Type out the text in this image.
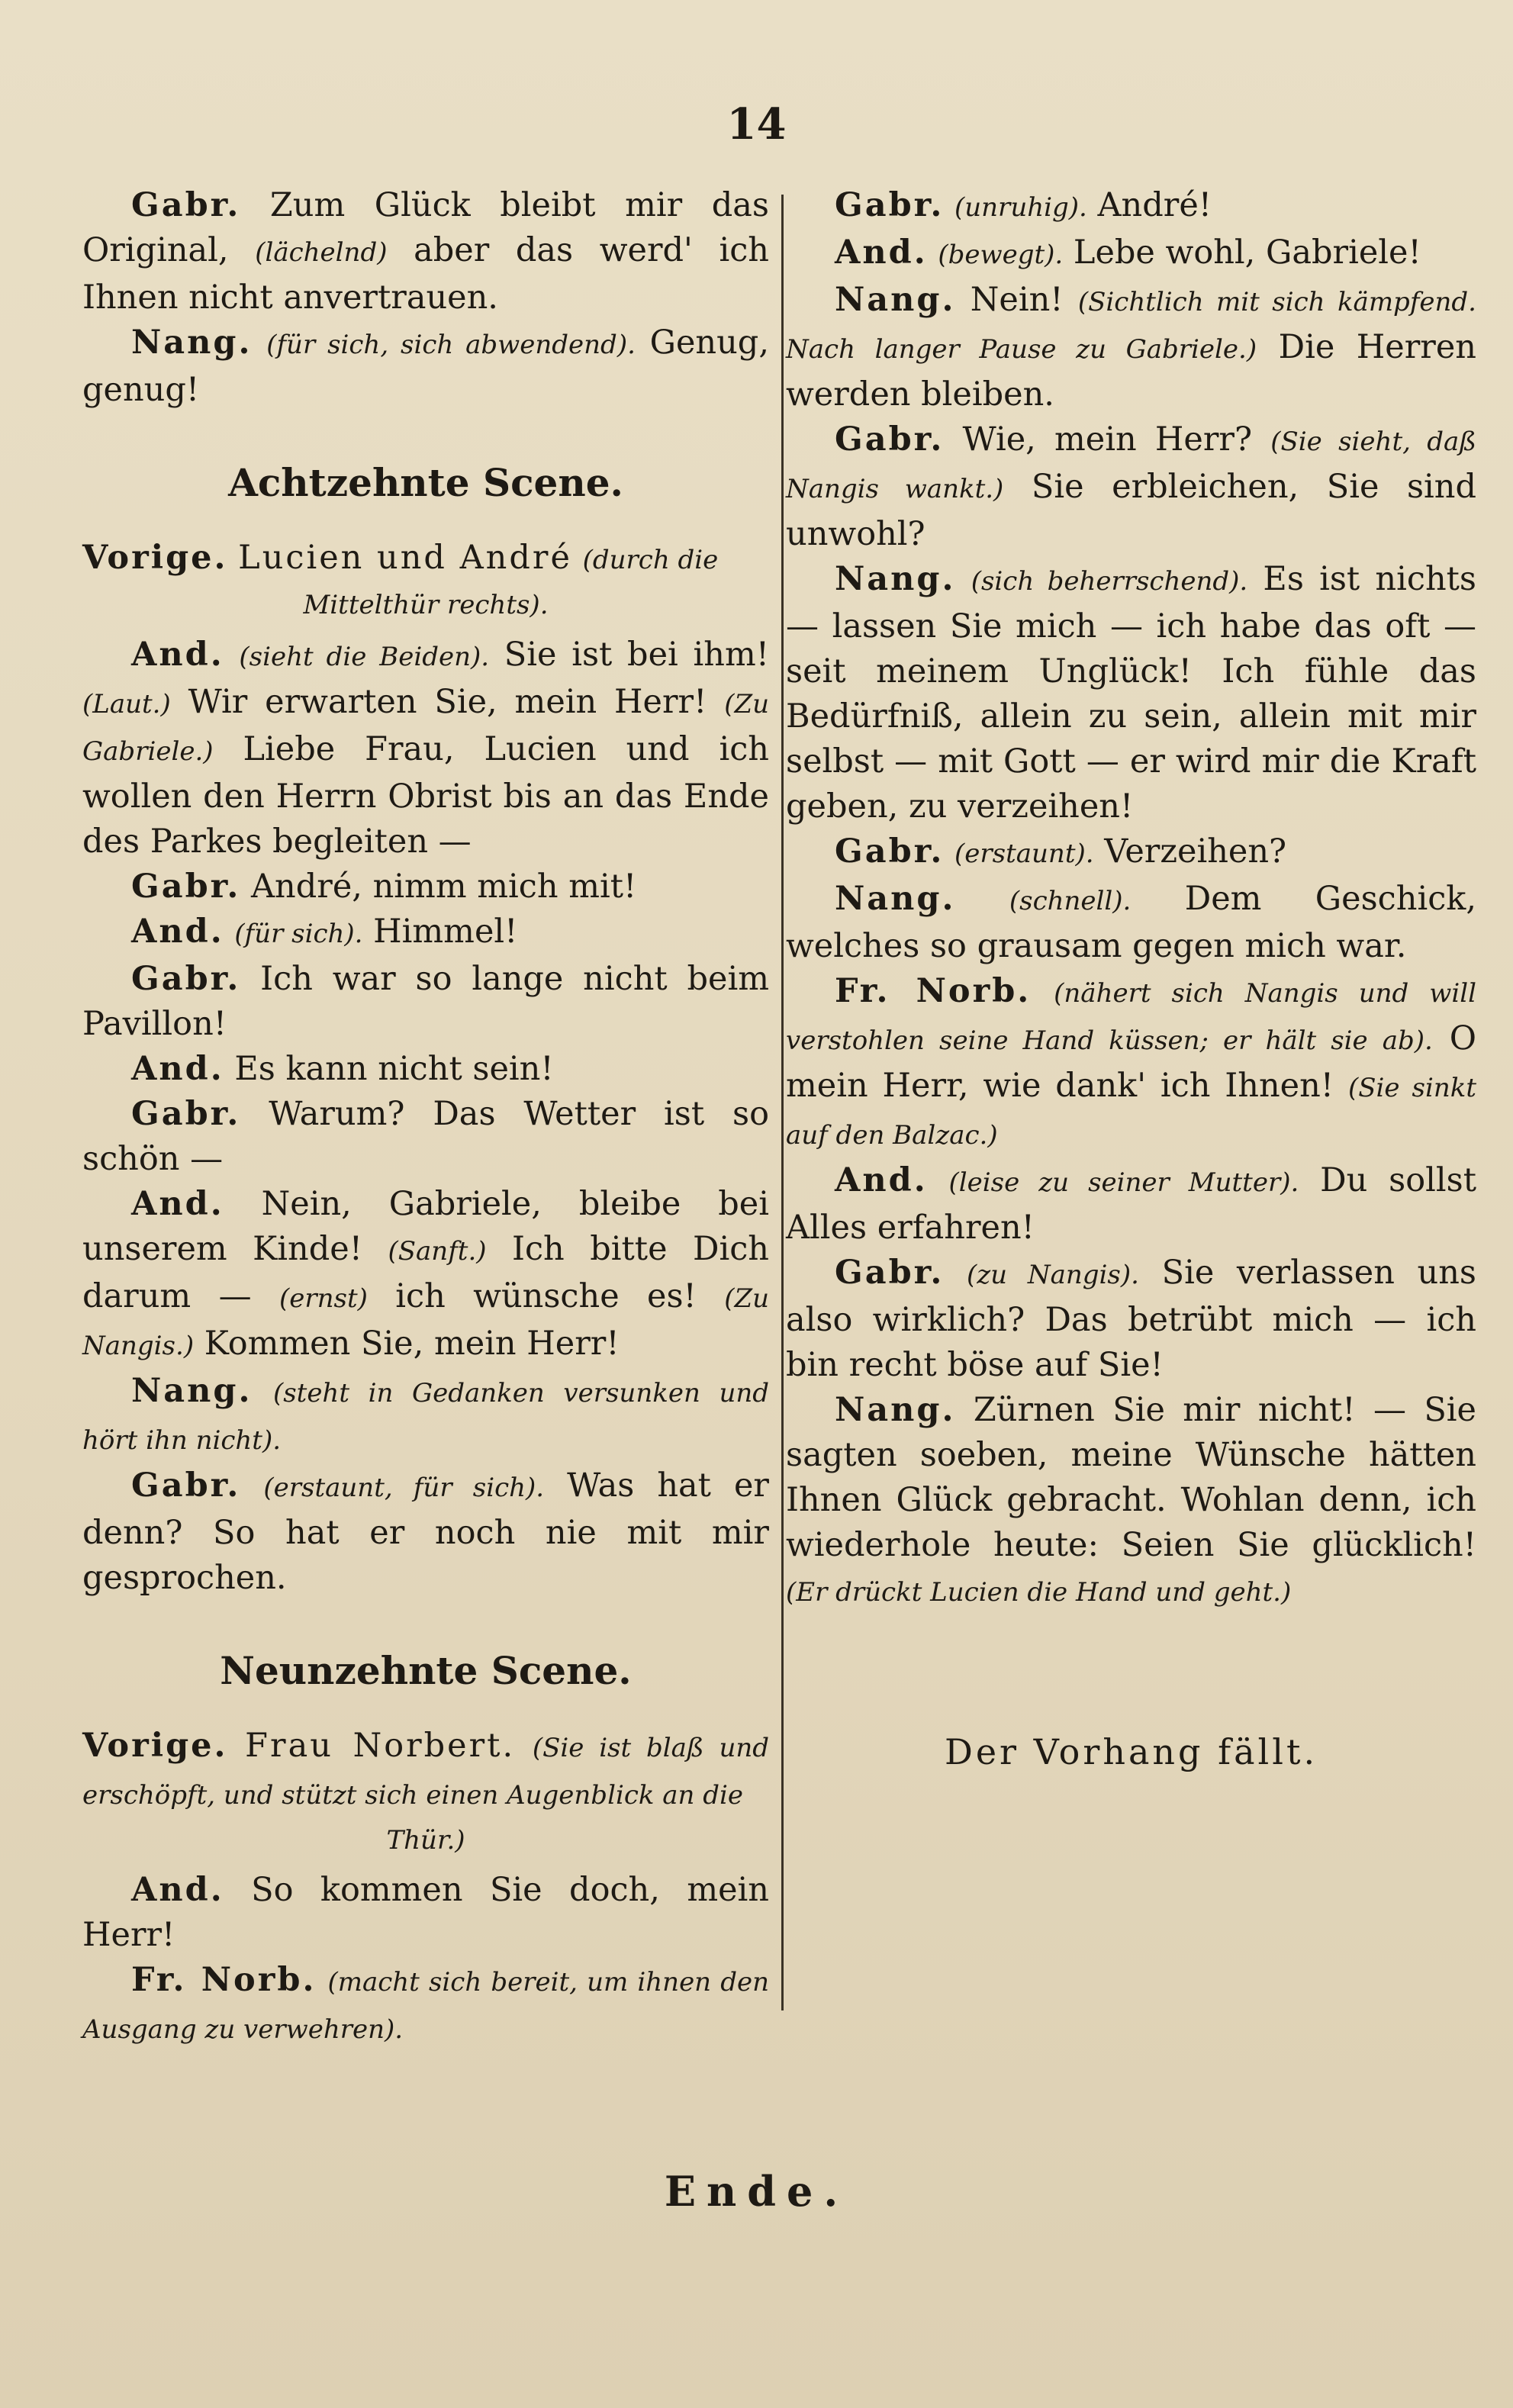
14

Gabr. Zum Glück bleibt mir das Original, (lächelnd) aber das werd' ich Ihnen nicht anvertrauen.

Nang. (für sich, sich abwendend). Genug, genug!

Achtzehnte Scene.
Vorige. Lucien und André (durch die
Mittelthür rechts).

And. (sieht die Beiden). Sie ist bei ihm! (Laut.) Wir erwarten Sie, mein Herr! (Zu Gabriele.) Liebe Frau, Lucien und ich wollen den Herrn Obrist bis an das Ende des Parkes begleiten —

Gabr. André, nimm mich mit!

And. (für sich). Himmel!

Gabr. Ich war so lange nicht beim Pavillon!

And. Es kann nicht sein!

Gabr. Warum? Das Wetter ist so schön —

And. Nein, Gabriele, bleibe bei unserem Kinde! (Sanft.) Ich bitte Dich darum — (ernst) ich wünsche es! (Zu Nangis.) Kommen Sie, mein Herr!

Nang. (steht in Gedanken versunken und hört ihn nicht).

Gabr. (erstaunt, für sich). Was hat er denn? So hat er noch nie mit mir gesprochen.

Neunzehnte Scene.
Vorige. Frau Norbert. (Sie ist blaß und erschöpft, und stützt sich einen Augenblick an die
Thür.)

And. So kommen Sie doch, mein Herr!

Fr. Norb. (macht sich bereit, um ihnen den Ausgang zu verwehren).

Gabr. (unruhig). André!

And. (bewegt). Lebe wohl, Gabriele!

Nang. Nein! (Sichtlich mit sich kämpfend. Nach langer Pause zu Gabriele.) Die Herren werden bleiben.

Gabr. Wie, mein Herr? (Sie sieht, daß Nangis wankt.) Sie erbleichen, Sie sind unwohl?

Nang. (sich beherrschend). Es ist nichts — lassen Sie mich — ich habe das oft — seit meinem Unglück! Ich fühle das Bedürfniß, allein zu sein, allein mit mir selbst — mit Gott — er wird mir die Kraft geben, zu verzeihen!

Gabr. (erstaunt). Verzeihen?

Nang. (schnell). Dem Geschick, welches so grausam gegen mich war.

Fr. Norb. (nähert sich Nangis und will verstohlen seine Hand küssen; er hält sie ab). O mein Herr, wie dank' ich Ihnen! (Sie sinkt auf den Balzac.)

And. (leise zu seiner Mutter). Du sollst Alles erfahren!

Gabr. (zu Nangis). Sie verlassen uns also wirklich? Das betrübt mich — ich bin recht böse auf Sie!

Nang. Zürnen Sie mir nicht! — Sie sagten soeben, meine Wünsche hätten Ihnen Glück gebracht. Wohlan denn, ich wiederhole heute: Seien Sie glücklich! (Er drückt Lucien die Hand und geht.)

Der Vorhang fällt.
Ende.
